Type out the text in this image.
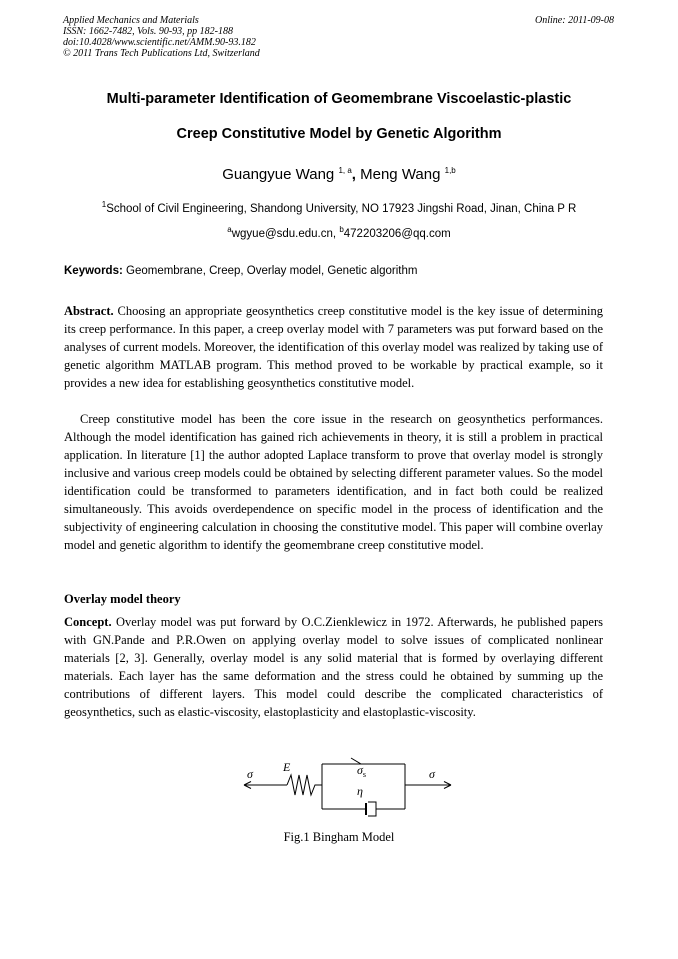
Applied Mechanics and Materials
ISSN: 1662-7482, Vols. 90-93, pp 182-188
doi:10.4028/www.scientific.net/AMM.90-93.182
© 2011 Trans Tech Publications Ltd, Switzerland
Online: 2011-09-08
Multi-parameter Identification of Geomembrane Viscoelastic-plastic
Creep Constitutive Model by Genetic Algorithm
Guangyue Wang $^{1, a}$, Meng Wang $^{1,b}$
$^1$School of Civil Engineering, Shandong University, NO 17923 Jingshi Road, Jinan, China P R
$^a$wgyue@sdu.edu.cn, $^b$472203206@qq.com
Keywords: Geomembrane, Creep, Overlay model, Genetic algorithm
Abstract. Choosing an appropriate geosynthetics creep constitutive model is the key issue of determining its creep performance. In this paper, a creep overlay model with 7 parameters was put forward based on the analyses of current models. Moreover, the identification of this overlay model was realized by taking use of genetic algorithm MATLAB program. This method proved to be workable by practical example, so it provides a new idea for establishing geosynthetics constitutive model.
Creep constitutive model has been the core issue in the research on geosynthetics performances. Although the model identification has gained rich achievements in theory, it is still a problem in practical application. In literature [1] the author adopted Laplace transform to prove that overlay model is strongly inclusive and various creep models could be obtained by selecting different parameter values. So the model identification could be transformed to parameters identification, and in fact both could be realized simultaneously. This avoids overdependence on specific model in the process of identification and the subjectivity of engineering calculation in choosing the constitutive model. This paper will combine overlay model and genetic algorithm to identify the geomembrane creep constitutive model.
Overlay model theory
Concept. Overlay model was put forward by O.C.Zienklewicz in 1972. Afterwards, he published papers with GN.Pande and P.R.Owen on applying overlay model to solve issues of complicated nonlinear materials [2, 3]. Generally, overlay model is any solid material that is formed by overlaying different materials. Each layer has the same deformation and the stress could he obtained by summing up the contributions of different layers. This model could describe the complicated characteristics of geosynthetics, such as elastic-viscosity, elastoplasticity and elastoplastic-viscosity.
σ	E	$\sigma_s$
η
σ
Fig.1 Bingham Model
